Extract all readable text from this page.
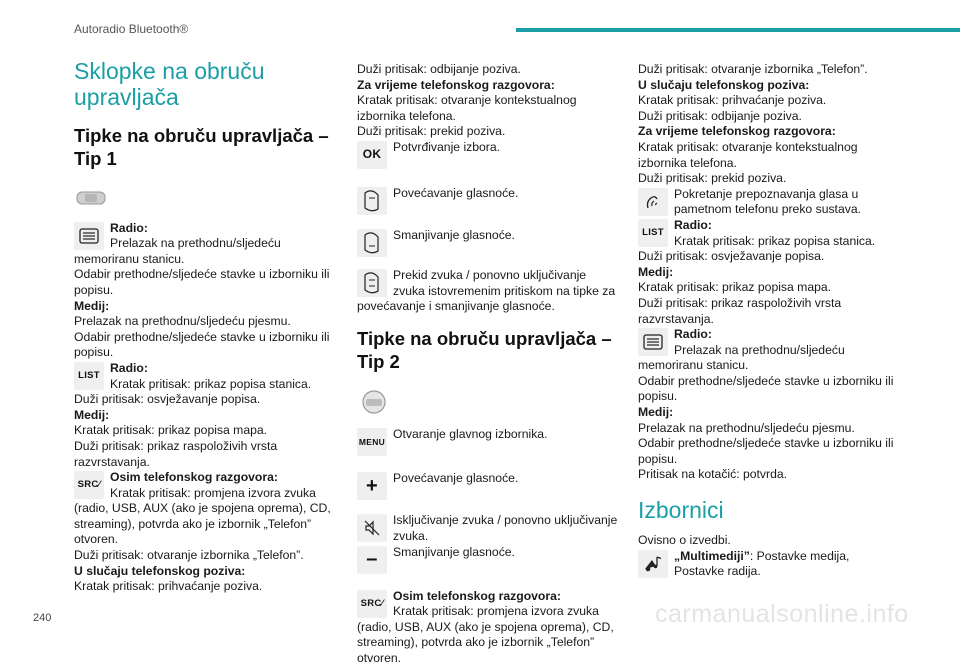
Autoradio Bluetooth®
Sklopke na obruču upravljača
Tipke na obruču upravljača – Tip 1

Radio:

Prelazak na prethodnu/sljedeću memoriranu stanicu.

Odabir prethodne/sljedeće stavke u izborniku ili popisu.

Medij:

Prelazak na prethodnu/sljedeću pjesmu.

Odabir prethodne/sljedeće stavke u izborniku ili popisu.

LIST

Radio:

Kratak pritisak: prikaz popisa stanica.

Duži pritisak: osvježavanje popisa.

Medij:

Kratak pritisak: prikaz popisa mapa.

Duži pritisak: prikaz raspoloživih vrsta razvrstavanja.

SRC ∕

Osim telefonskog razgovora:

Kratak pritisak: promjena izvora zvuka (radio, USB, AUX (ako je spojena oprema), CD, streaming), potvrda ako je izbornik „Telefon” otvoren.

Duži pritisak: otvaranje izbornika „Telefon”.

U slučaju telefonskog poziva:

Kratak pritisak: prihvaćanje poziva.

Duži pritisak: odbijanje poziva.

Za vrijeme telefonskog razgovora:

Kratak pritisak: otvaranje kontekstualnog izbornika telefona.

Duži pritisak: prekid poziva.

OK

Potvrđivanje izbora.

Povećavanje glasnoće.

Smanjivanje glasnoće.

Prekid zvuka / ponovno uključivanje zvuka istovremenim pritiskom na tipke za povećavanje i smanjivanje glasnoće.

Tipke na obruču upravljača – Tip 2
MENU

Otvaranje glavnog izbornika.

+	Povećavanje glasnoće.

Isključivanje zvuka / ponovno uključivanje zvuka.

–	Smanjivanje glasnoće.

SRC ∕

Osim telefonskog razgovora:

Kratak pritisak: promjena izvora zvuka (radio, USB, AUX (ako je spojena oprema), CD, streaming), potvrda ako je izbornik „Telefon” otvoren.

Duži pritisak: otvaranje izbornika „Telefon”.

U slučaju telefonskog poziva:

Kratak pritisak: prihvaćanje poziva.

Duži pritisak: odbijanje poziva.

Za vrijeme telefonskog razgovora:

Kratak pritisak: otvaranje kontekstualnog izbornika telefona.

Duži pritisak: prekid poziva.

Pokretanje prepoznavanja glasa u pametnom telefonu preko sustava.

LIST

Radio:

Kratak pritisak: prikaz popisa stanica.

Duži pritisak: osvježavanje popisa.

Medij:

Kratak pritisak: prikaz popisa mapa.

Duži pritisak: prikaz raspoloživih vrsta razvrstavanja.

Radio:

Prelazak na prethodnu/sljedeću memoriranu stanicu.

Odabir prethodne/sljedeće stavke u izborniku ili popisu.

Medij:

Prelazak na prethodnu/sljedeću pjesmu.

Odabir prethodne/sljedeće stavke u izborniku ili popisu.

Pritisak na kotačić: potvrda.

Izbornici

Ovisno o izvedbi.

„Multimediji”: Postavke medija, Postavke radija.

240	carmanualsonline.info
